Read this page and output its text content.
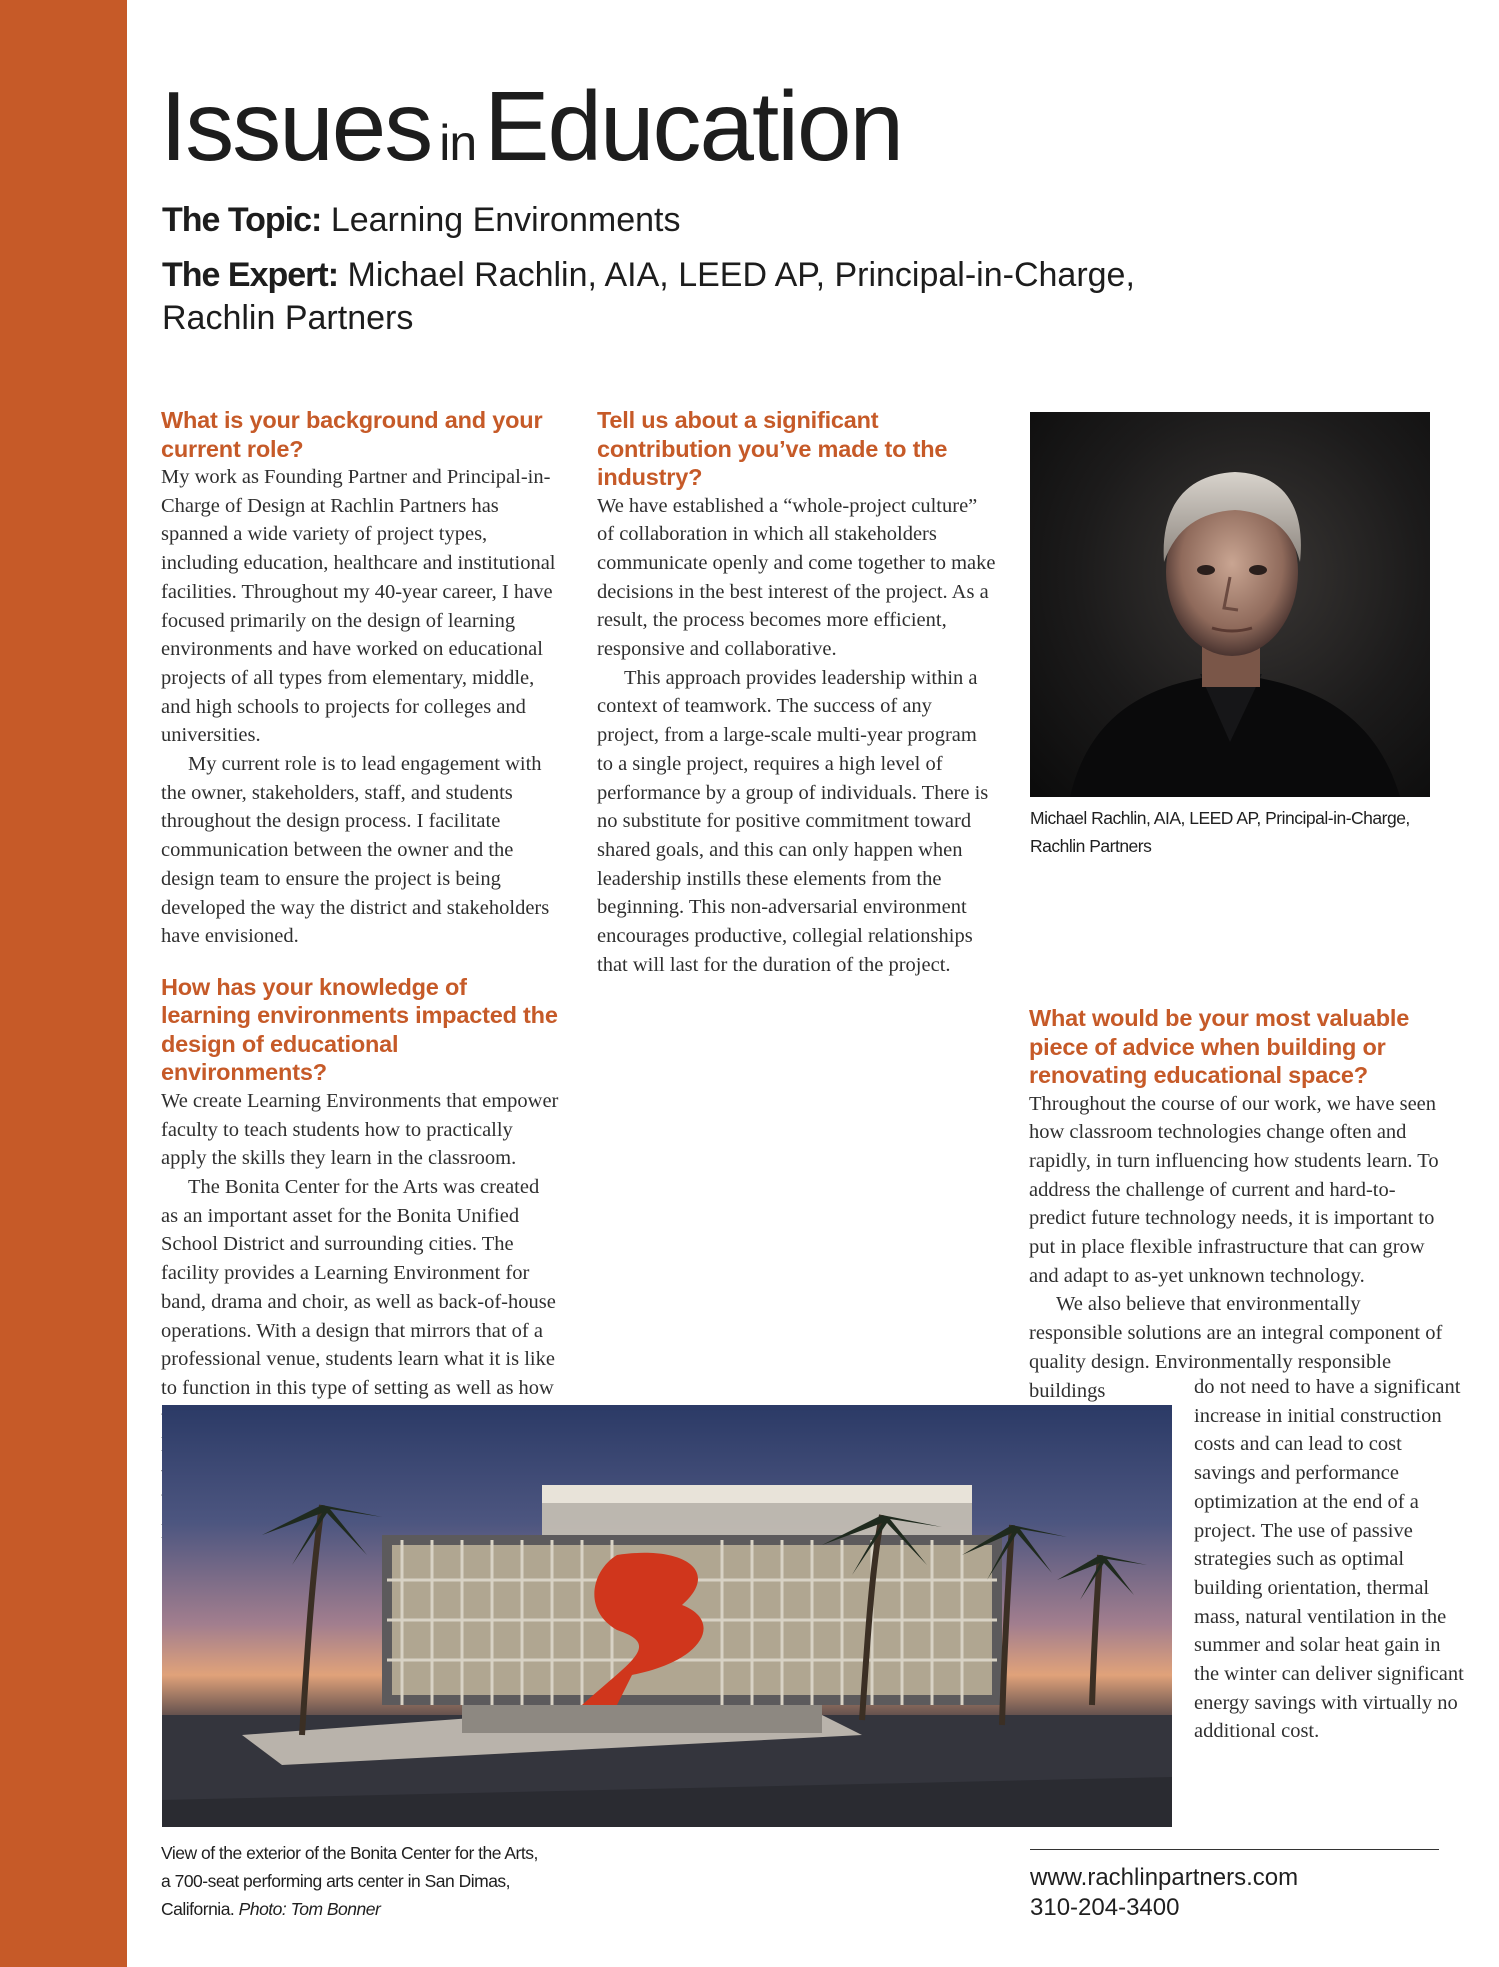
Issues inEducation
The Topic: Learning Environments
The Expert: Michael Rachlin, AIA, LEED AP, Principal-in-Charge, Rachlin Partners
What is your background and your current role?

My work as Founding Partner and Principal-in-Charge of Design at Rachlin Partners has spanned a wide variety of project types, including education, healthcare and institutional facilities. Throughout my 40-year career, I have focused primarily on the design of learning environments and have worked on educational projects of all types from elementary, middle, and high schools to projects for colleges and universities.

My current role is to lead engagement with the owner, stakeholders, staff, and students throughout the design process. I facilitate communication between the owner and the design team to ensure the project is being developed the way the district and stakeholders have envisioned.

How has your knowledge of learning environments impacted the design of educational environments?

We create Learning Environments that empower faculty to teach students how to practically apply the skills they learn in the classroom.

The Bonita Center for the Arts was created as an important asset for the Bonita Unified School District and surrounding cities. The facility provides a Learning Environment for band, drama and choir, as well as back-of-house operations. With a design that mirrors that of a professional venue, students learn what it is like to function in this type of setting as well as how

Tell us about a significant contribution you’ve made to the industry?

We have established a “whole-project culture” of collaboration in which all stakeholders communicate openly and come together to make decisions in the best interest of the project. As a result, the process becomes more efficient, responsive and collaborative.

This approach provides leadership within a context of teamwork. The success of any project, from a large-scale multi-year program to a single project, requires a high level of performance by a group of individuals. There is no substitute for positive commitment toward shared goals, and this can only happen when leadership instills these elements from the beginning. This non-adversarial environment encourages productive, collegial relationships that will last for the duration of the project.

Michael Rachlin, AIA, LEED AP, Principal-in-Charge, Rachlin Partners
What would be your most valuable piece of advice when building or renovating educational space?

Throughout the course of our work, we have seen how classroom technologies change often and rapidly, in turn influencing how students learn. To address the challenge of current and hard-to-predict future technology needs, it is important to put in place flexible infrastructure that can grow and adapt to as-yet unknown technology.

We also believe that environmentally responsible solutions are an integral component of quality design. Environmentally responsible buildings	do not need to have a significant increase in initial construction costs and can lead to cost savings and performance optimization at the end of a project. The use of passive strategies such as optimal building orientation, thermal mass, natural ventilation in the summer and solar heat gain in the winter can deliver significant energy savings with virtually no additional cost.
View of the exterior of the Bonita Center for the Arts, a 700-seat performing arts center in San Dimas, California. Photo: Tom Bonner
www.rachlinpartners.com
310-204-3400
